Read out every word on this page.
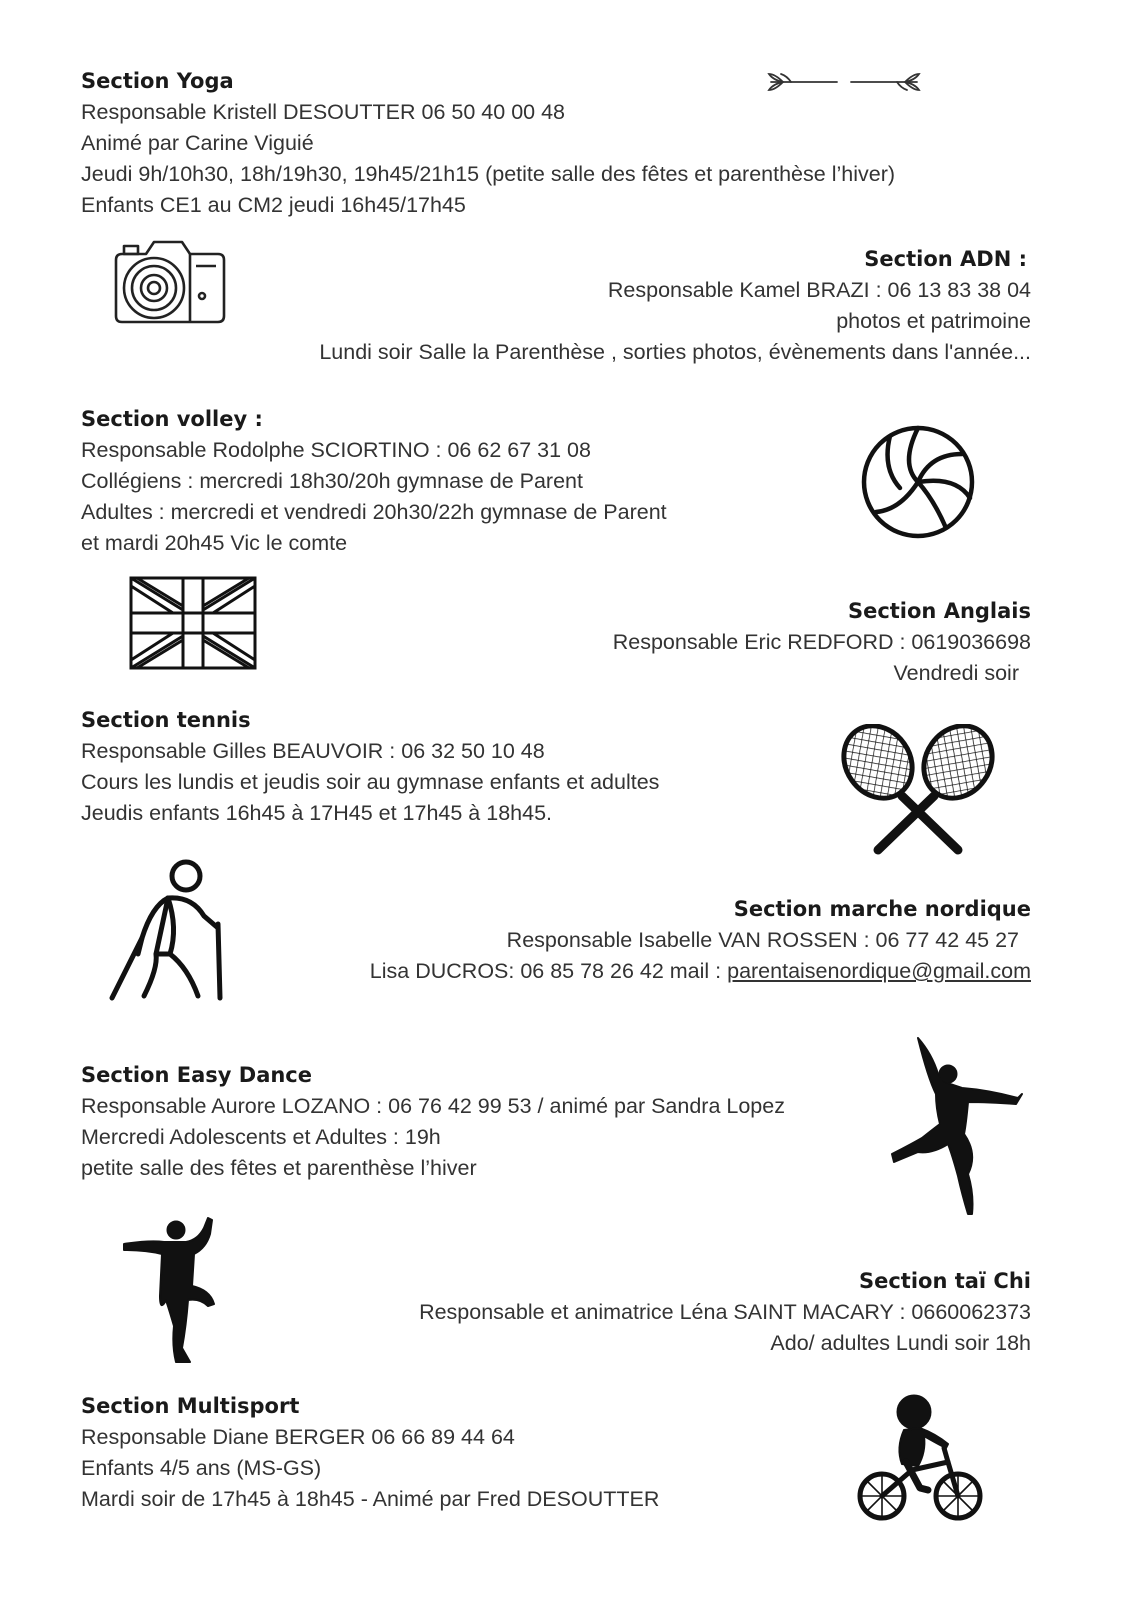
Section Yoga
Responsable Kristell DESOUTTER 06 50 40 00 48
Animé par Carine Viguié
Jeudi 9h/10h30, 18h/19h30, 19h45/21h15 (petite salle des fêtes et parenthèse l’hiver)
Enfants CE1 au CM2 jeudi 16h45/17h45
Section ADN :
Responsable Kamel BRAZI : 06 13 83 38 04
photos et patrimoine
Lundi soir Salle la Parenthèse , sorties photos, évènements dans l'année...
Section volley :
Responsable Rodolphe SCIORTINO : 06 62 67 31 08
Collégiens : mercredi 18h30/20h gymnase de Parent
Adultes : mercredi et vendredi 20h30/22h gymnase de Parent
et mardi 20h45 Vic le comte
Section Anglais
Responsable Eric REDFORD : 0619036698
Vendredi soir
Section tennis
Responsable Gilles BEAUVOIR : 06 32 50 10 48
Cours les lundis et jeudis soir au gymnase enfants et adultes
Jeudis enfants 16h45 à 17H45 et 17h45 à 18h45.
Section marche nordique
Responsable Isabelle VAN ROSSEN : 06 77 42 45 27
Lisa DUCROS: 06 85 78 26 42 mail : parentaisenordique@gmail.com
Section Easy Dance
Responsable Aurore LOZANO : 06 76 42 99 53 / animé par Sandra Lopez
Mercredi Adolescents et Adultes : 19h
petite salle des fêtes et parenthèse l’hiver
Section taï Chi
Responsable et animatrice Léna SAINT MACARY : 0660062373
Ado/ adultes Lundi soir 18h
Section Multisport
Responsable Diane BERGER 06 66 89 44 64
Enfants 4/5 ans (MS-GS)
Mardi soir de 17h45 à 18h45 - Animé par Fred DESOUTTER
